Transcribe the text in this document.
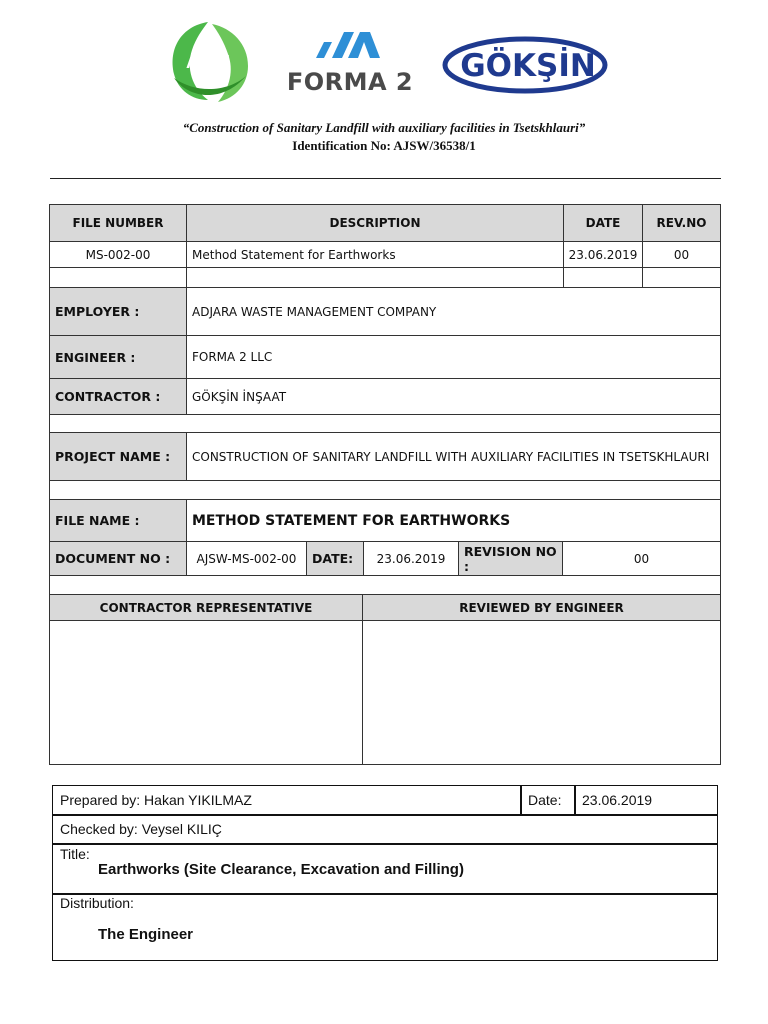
AWM
FORMA 2 GÖKŞİN
“Construction of Sanitary Landfill with auxiliary facilities in Tsetskhlauri”
Identification No: AJSW/36538/1
FILE NUMBER	DESCRIPTION	DATE	REV.NO
MS-002-00	Method Statement for Earthworks	23.06.2019	00
EMPLOYER :	ADJARA WASTE MANAGEMENT COMPANY
ENGINEER :	FORMA 2 LLC
CONTRACTOR :	GÖKŞİN İNŞAAT
PROJECT NAME :	CONSTRUCTION OF SANITARY LANDFILL WITH AUXILIARY FACILITIES IN TSETSKHLAURI
FILE NAME :	METHOD STATEMENT FOR EARTHWORKS
DOCUMENT NO :	AJSW-MS-002-00	DATE:	23.06.2019	REVISION NO :	00
CONTRACTOR REPRESENTATIVE	REVIEWED BY ENGINEER
Prepared by: Hakan YIKILMAZ	Date:	23.06.2019
Checked by: Veysel KILIÇ
Title:
Earthworks (Site Clearance, Excavation and Filling)
Distribution:
The Engineer
